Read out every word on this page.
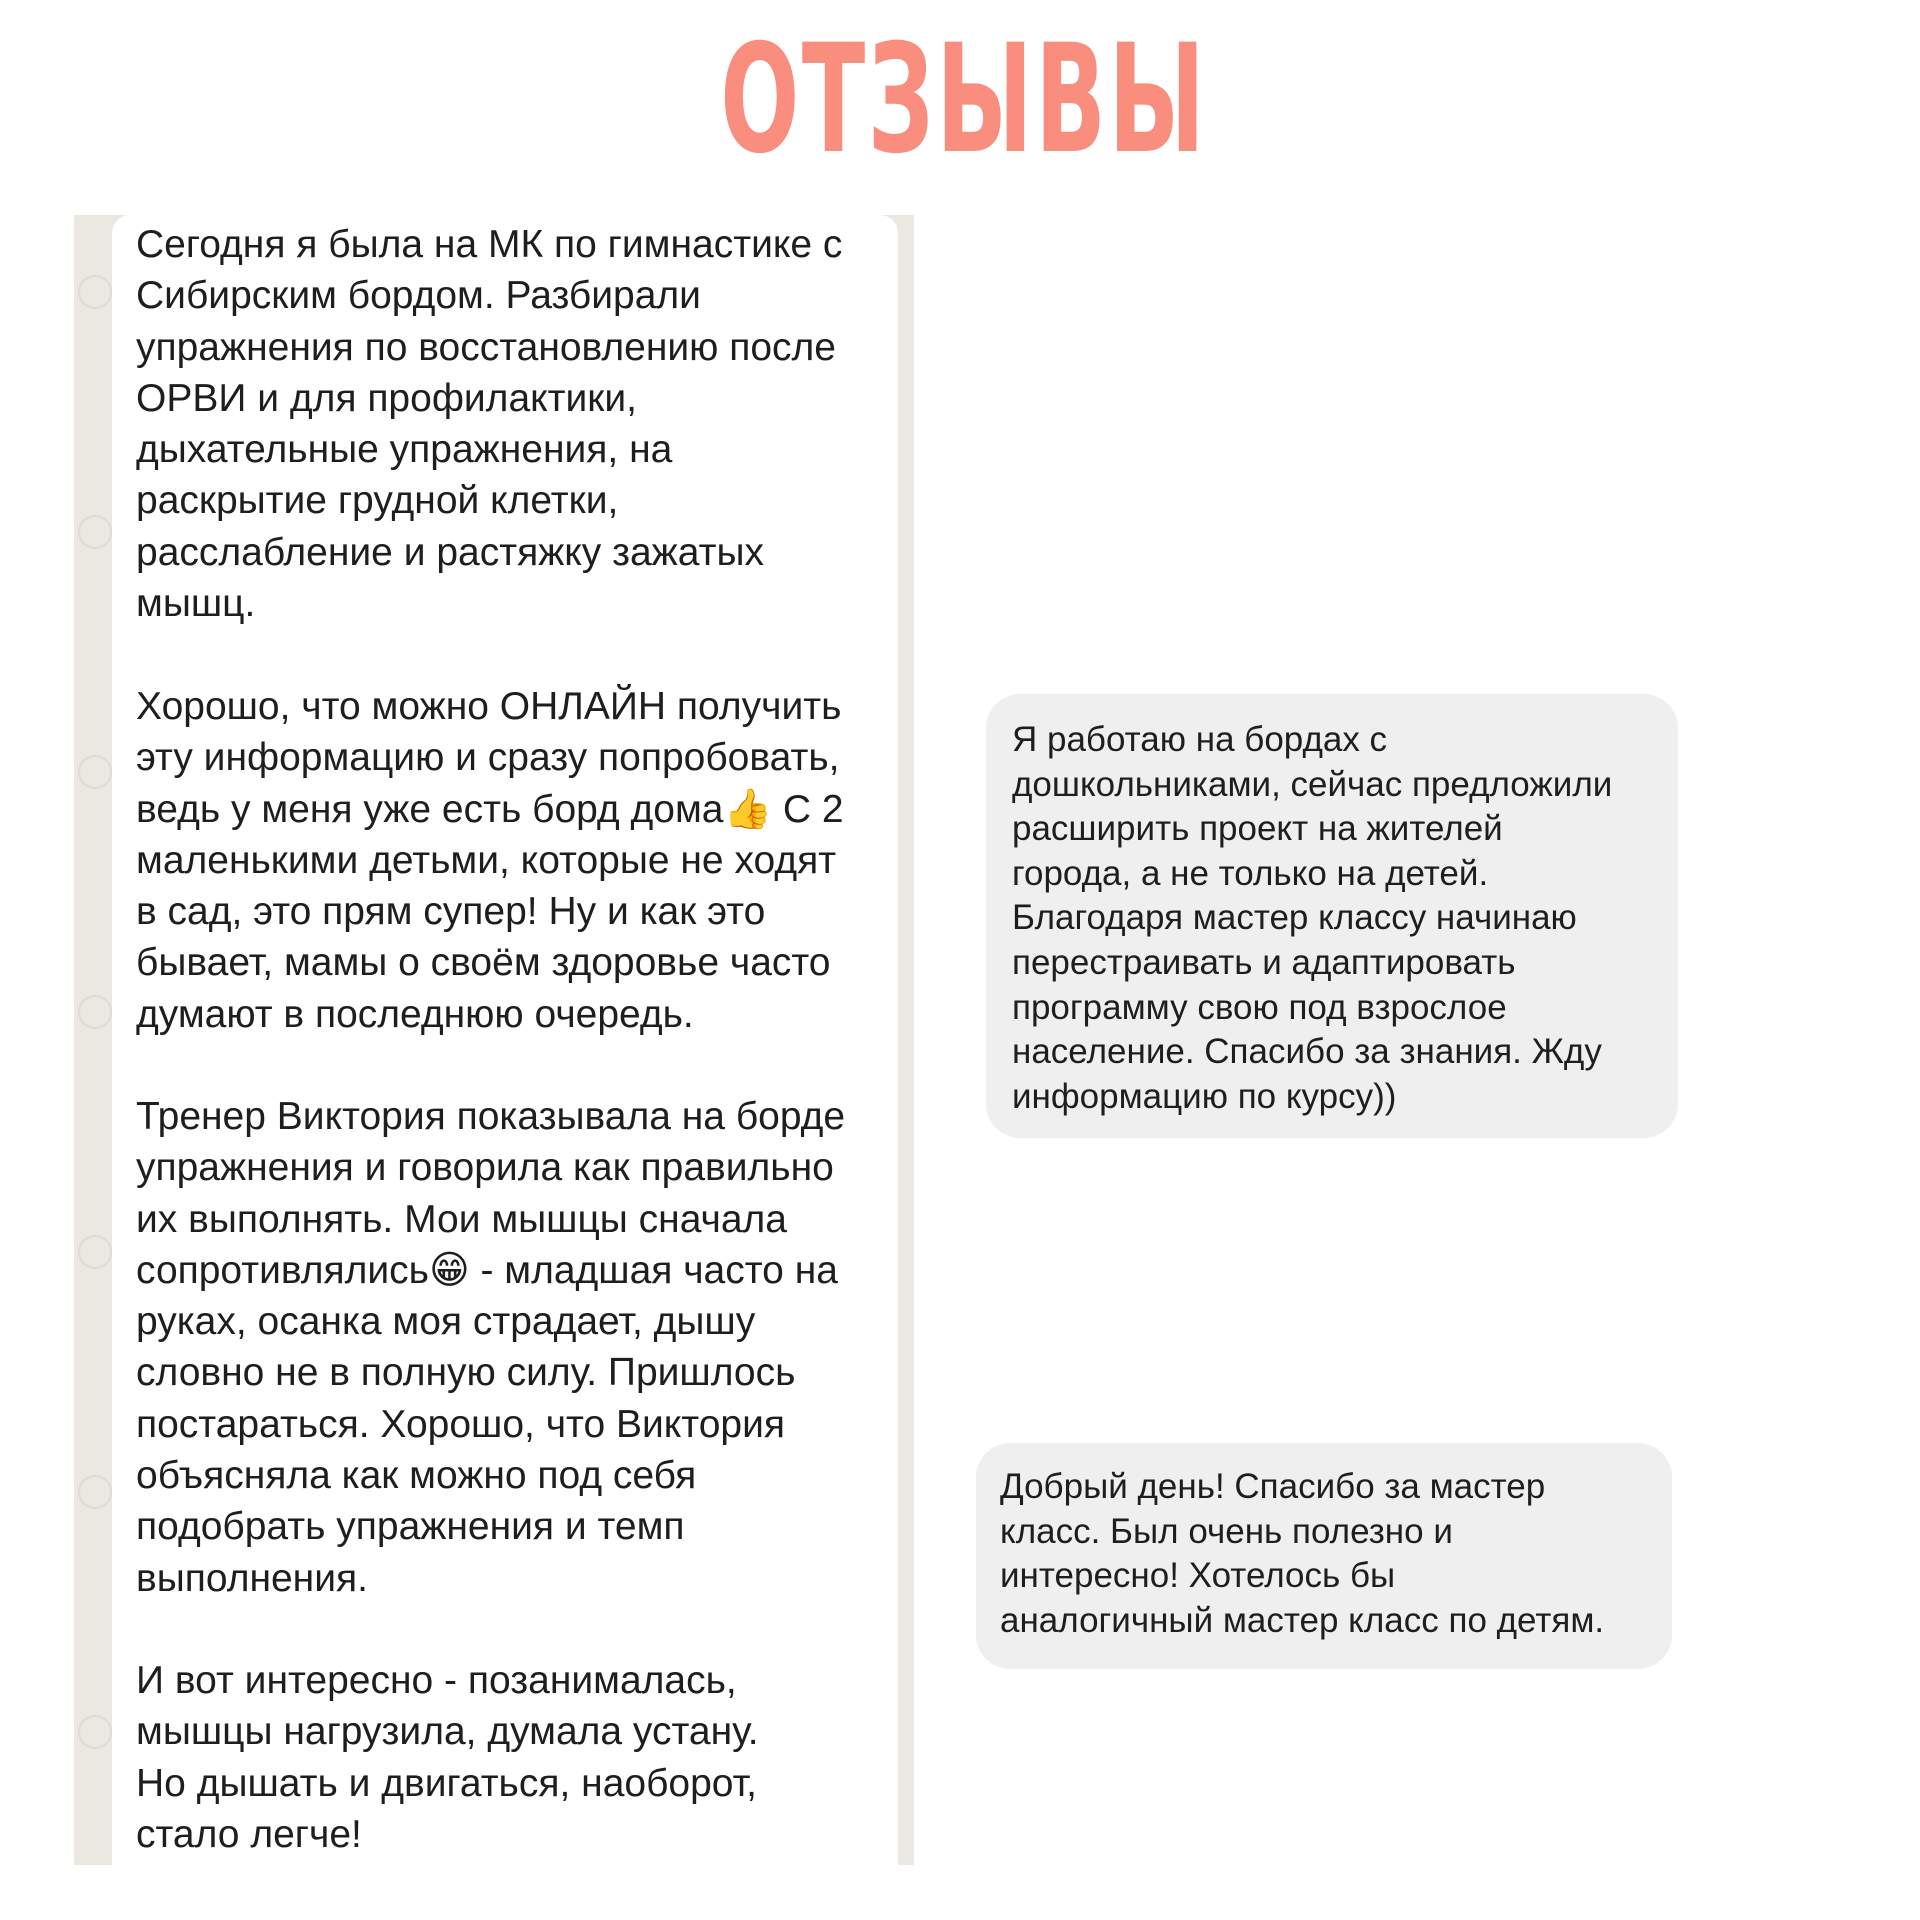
ОТЗЫВЫ

Сегодня я была на МК по гимнастике с
Сибирским бордом. Разбирали
упражнения по восстановлению после
ОРВИ и для профилактики,
дыхательные упражнения, на
раскрытие грудной клетки,
расслабление и растяжку зажатых
мышц.

Хорошо, что можно ОНЛАЙН получить
эту информацию и сразу попробовать,
ведь у меня уже есть борд дома👍 С 2
маленькими детьми, которые не ходят
в сад, это прям супер! Ну и как это
бывает, мамы о своём здоровье часто
думают в последнюю очередь.

Тренер Виктория показывала на борде
упражнения и говорила как правильно
их выполнять. Мои мышцы сначала
сопротивлялись😁 - младшая часто на
руках, осанка моя страдает, дышу
словно не в полную силу. Пришлось
постараться. Хорошо, что Виктория
объясняла как можно под себя
подобрать упражнения и темп
выполнения.

И вот интересно - позанималась,
мышцы нагрузила, думала устану.
Но дышать и двигаться, наоборот,
стало легче!

Я работаю на бордах с
дошкольниками, сейчас предложили
расширить проект на жителей
города, а не только на детей.
Благодаря мастер классу начинаю
перестраивать и адаптировать
программу свою под взрослое
население. Спасибо за знания. Жду
информацию по курсу))

Добрый день! Спасибо за мастер
класс. Был очень полезно и
интересно! Хотелось бы
аналогичный мастер класс по детям.
